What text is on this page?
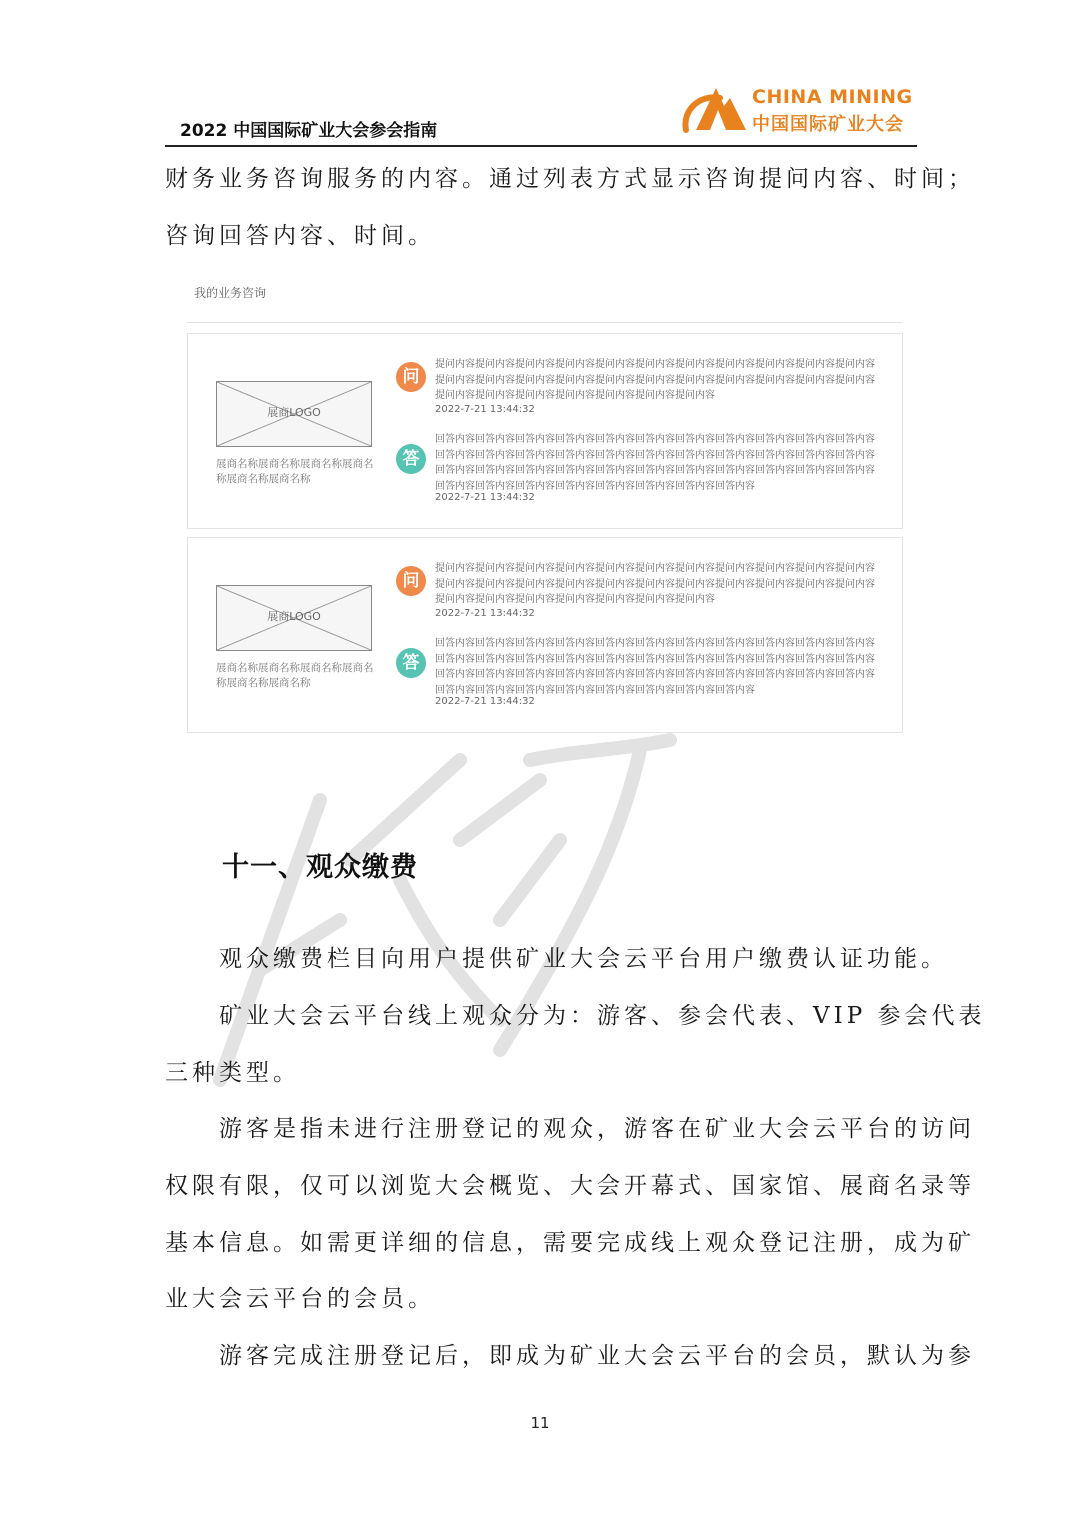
2022 中国国际矿业大会参会指南
CHINA MINING
中国国际矿业大会
财务业务咨询服务的内容。通过列表方式显示咨询提问内容、时间；
咨询回答内容、时间。
我的业务咨询
展商LOGO
展商名称展商名称展商名称展商名称展商名称展商名称
问
提问内容提问内容提问内容提问内容提问内容提问内容提问内容提问内容提问内容提问内容提问内容提问内容提问内容提问内容提问内容提问内容提问内容提问内容提问内容提问内容提问内容提问内容提问内容提问内容提问内容提问内容提问内容提问内容提问内容
2022-7-21 13:44:32
答
回答内容回答内容回答内容回答内容回答内容回答内容回答内容回答内容回答内容回答内容回答内容回答内容回答内容回答内容回答内容回答内容回答内容回答内容回答内容回答内容回答内容回答内容回答内容回答内容回答内容回答内容回答内容回答内容回答内容回答内容回答内容回答内容回答内容回答内容回答内容回答内容回答内容回答内容回答内容回答内容回答内容
2022-7-21 13:44:32
展商LOGO
展商名称展商名称展商名称展商名称展商名称展商名称
问
提问内容提问内容提问内容提问内容提问内容提问内容提问内容提问内容提问内容提问内容提问内容提问内容提问内容提问内容提问内容提问内容提问内容提问内容提问内容提问内容提问内容提问内容提问内容提问内容提问内容提问内容提问内容提问内容提问内容
2022-7-21 13:44:32
答
回答内容回答内容回答内容回答内容回答内容回答内容回答内容回答内容回答内容回答内容回答内容回答内容回答内容回答内容回答内容回答内容回答内容回答内容回答内容回答内容回答内容回答内容回答内容回答内容回答内容回答内容回答内容回答内容回答内容回答内容回答内容回答内容回答内容回答内容回答内容回答内容回答内容回答内容回答内容回答内容回答内容
2022-7-21 13:44:32
十一、观众缴费
　　观众缴费栏目向用户提供矿业大会云平台用户缴费认证功能。
　　矿业大会云平台线上观众分为：游客、参会代表、VIP 参会代表
三种类型。
　　游客是指未进行注册登记的观众，游客在矿业大会云平台的访问
权限有限，仅可以浏览大会概览、大会开幕式、国家馆、展商名录等
基本信息。如需更详细的信息，需要完成线上观众登记注册，成为矿
业大会云平台的会员。
　　游客完成注册登记后，即成为矿业大会云平台的会员，默认为参
11
